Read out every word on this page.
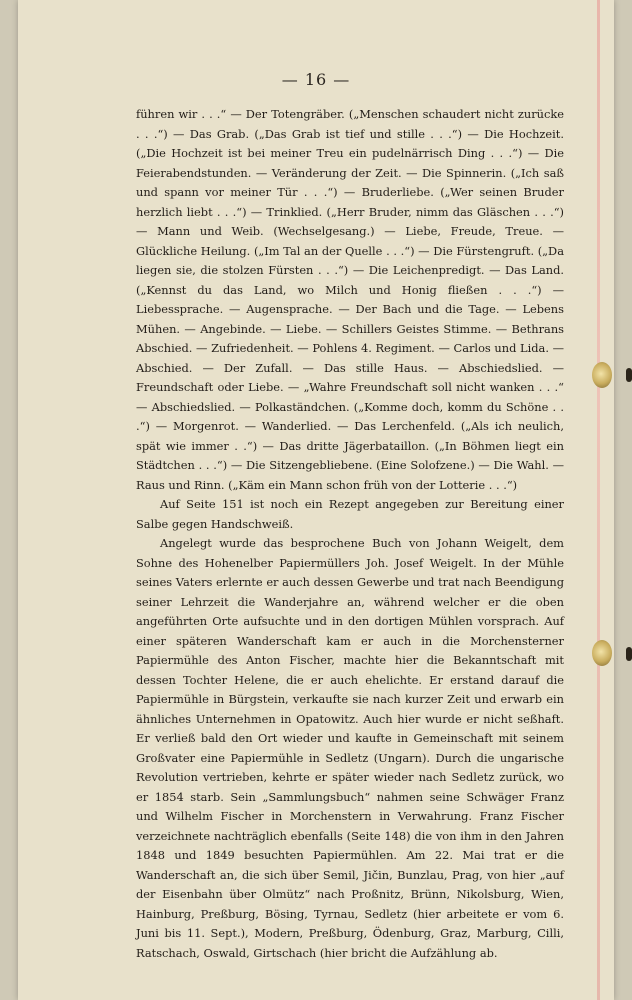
— 16 —

führen wir . . .“ — Der Totengräber. („Menschen schaudert nicht zurücke . . .“) — Das Grab. („Das Grab ist tief und stille . . .“) — Die Hochzeit. („Die Hochzeit ist bei meiner Treu ein pudelnärrisch Ding . . .“) — Die Feierabendstunden. — Veränderung der Zeit. — Die Spinnerin. („Ich saß und spann vor meiner Tür . . .“) — Bruderliebe. („Wer seinen Bruder herzlich liebt . . .“) — Trinklied. („Herr Bruder, nimm das Gläschen . . .“) — Mann und Weib. (Wechselgesang.) — Liebe, Freude, Treue. — Glückliche Heilung. („Im Tal an der Quelle . . .“) — Die Fürstengruft. („Da liegen sie, die stolzen Fürsten . . .“) — Die Leichenpredigt. — Das Land. („Kennst du das Land, wo Milch und Honig fließen . . .“) — Liebessprache. — Augensprache. — Der Bach und die Tage. — Lebens Mühen. — Angebinde. — Liebe. — Schillers Geistes Stimme. — Bethrans Abschied. — Zufriedenheit. — Pohlens 4. Regiment. — Carlos und Lida. — Abschied. — Der Zufall. — Das stille Haus. — Abschiedslied. — Freundschaft oder Liebe. — „Wahre Freundschaft soll nicht wanken . . .“ — Abschiedslied. — Polkaständchen. („Komme doch, komm du Schöne . . .“) — Morgenrot. — Wanderlied. — Das Lerchenfeld. („Als ich neulich, spät wie immer . .“) — Das dritte Jägerbataillon. („In Böhmen liegt ein Städtchen . . .“) — Die Sitzengebliebene. (Eine Solofzene.) — Die Wahl. — Raus und Rinn. („Käm ein Mann schon früh von der Lotterie . . .“)

Auf Seite 151 ist noch ein Rezept angegeben zur Bereitung einer Salbe gegen Handschweiß.

Angelegt wurde das besprochene Buch von Johann Weigelt, dem Sohne des Hohenelber Papiermüllers Joh. Josef Weigelt. In der Mühle seines Vaters erlernte er auch dessen Gewerbe und trat nach Beendigung seiner Lehrzeit die Wanderjahre an, während welcher er die oben angeführten Orte aufsuchte und in den dortigen Mühlen vorsprach. Auf einer späteren Wanderschaft kam er auch in die Morchensterner Papiermühle des Anton Fischer, machte hier die Bekanntschaft mit dessen Tochter Helene, die er auch ehelichte. Er erstand darauf die Papiermühle in Bürgstein, verkaufte sie nach kurzer Zeit und erwarb ein ähnliches Unternehmen in Opatowitz. Auch hier wurde er nicht seßhaft. Er verließ bald den Ort wieder und kaufte in Gemeinschaft mit seinem Großvater eine Papiermühle in Sedletz (Ungarn). Durch die ungarische Revolution vertrieben, kehrte er später wieder nach Sedletz zurück, wo er 1854 starb. Sein „Sammlungsbuch“ nahmen seine Schwäger Franz und Wilhelm Fischer in Morchenstern in Verwahrung. Franz Fischer verzeichnete nachträglich ebenfalls (Seite 148) die von ihm in den Jahren 1848 und 1849 besuchten Papiermühlen. Am 22. Mai trat er die Wanderschaft an, die sich über Semil, Jičin, Bunzlau, Prag, von hier „auf der Eisenbahn über Olmütz“ nach Proßnitz, Brünn, Nikolsburg, Wien, Hainburg, Preßburg, Bösing, Tyrnau, Sedletz (hier arbeitete er vom 6. Juni bis 11. Sept.), Modern, Preßburg, Ödenburg, Graz, Marburg, Cilli, Ratschach, Oswald, Girtschach (hier bricht die Aufzählung ab.
